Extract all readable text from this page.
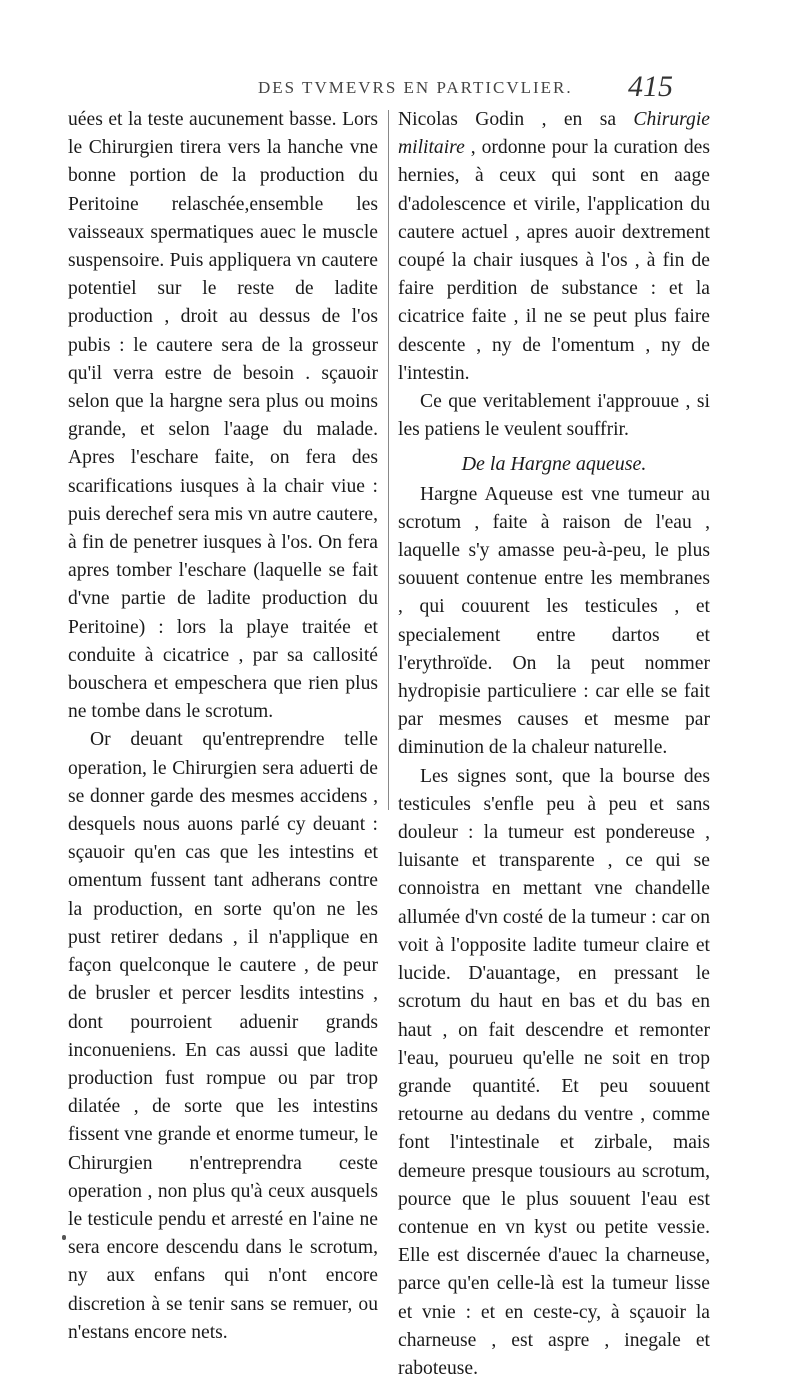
DES TVMEVRS EN PARTICVLIER. 415

uées et la teste aucunement basse. Lors le Chirurgien tirera vers la hanche vne bonne portion de la production du Peritoine relaschée,ensemble les vaisseaux spermatiques auec le muscle suspensoire. Puis appliquera vn cautere potentiel sur le reste de ladite production , droit au dessus de l'os pubis : le cautere sera de la grosseur qu'il verra estre de besoin . sçauoir selon que la hargne sera plus ou moins grande, et selon l'aage du malade. Apres l'eschare faite, on fera des scarifications iusques à la chair viue : puis derechef sera mis vn autre cautere, à fin de penetrer iusques à l'os. On fera apres tomber l'eschare (laquelle se fait d'vne partie de ladite production du Peritoine) : lors la playe traitée et conduite à cicatrice , par sa callosité bouschera et empeschera que rien plus ne tombe dans le scrotum.

Or deuant qu'entreprendre telle operation, le Chirurgien sera aduerti de se donner garde des mesmes accidens , desquels nous auons parlé cy deuant : sçauoir qu'en cas que les intestins et omentum fussent tant adherans contre la production, en sorte qu'on ne les pust retirer dedans , il n'applique en façon quelconque le cautere , de peur de brusler et percer lesdits intestins , dont pourroient aduenir grands inconueniens. En cas aussi que ladite production fust rompue ou par trop dilatée , de sorte que les intestins fissent vne grande et enorme tumeur, le Chirurgien n'entreprendra ceste operation , non plus qu'à ceux ausquels le testicule pendu et arresté en l'aine ne sera encore descendu dans le scrotum, ny aux enfans qui n'ont encore discretion à se tenir sans se remuer, ou n'estans encore nets.

Nicolas Godin , en sa Chirurgie militaire , ordonne pour la curation des hernies, à ceux qui sont en aage d'adolescence et virile, l'application du cautere actuel , apres auoir dextrement coupé la chair iusques à l'os , à fin de faire perdition de substance : et la cicatrice faite , il ne se peut plus faire descente , ny de l'omentum , ny de l'intestin.

Ce que veritablement i'approuue , si les patiens le veulent souffrir.

De la Hargne aqueuse.

Hargne Aqueuse est vne tumeur au scrotum , faite à raison de l'eau , laquelle s'y amasse peu-à-peu, le plus souuent contenue entre les membranes , qui couurent les testicules , et specialement entre dartos et l'erythroïde. On la peut nommer hydropisie particuliere : car elle se fait par mesmes causes et mesme par diminution de la chaleur naturelle.

Les signes sont, que la bourse des testicules s'enfle peu à peu et sans douleur : la tumeur est pondereuse , luisante et transparente , ce qui se connoistra en mettant vne chandelle allumée d'vn costé de la tumeur : car on voit à l'opposite ladite tumeur claire et lucide. D'auantage, en pressant le scrotum du haut en bas et du bas en haut , on fait descendre et remonter l'eau, pourueu qu'elle ne soit en trop grande quantité. Et peu souuent retourne au dedans du ventre , comme font l'intestinale et zirbale, mais demeure presque tousiours au scrotum, pource que le plus souuent l'eau est contenue en vn kyst ou petite vessie. Elle est discernée d'auec la charneuse, parce qu'en celle-là est la tumeur lisse et vnie : et en ceste-cy, à sçauoir la charneuse , est aspre , inegale et raboteuse.
